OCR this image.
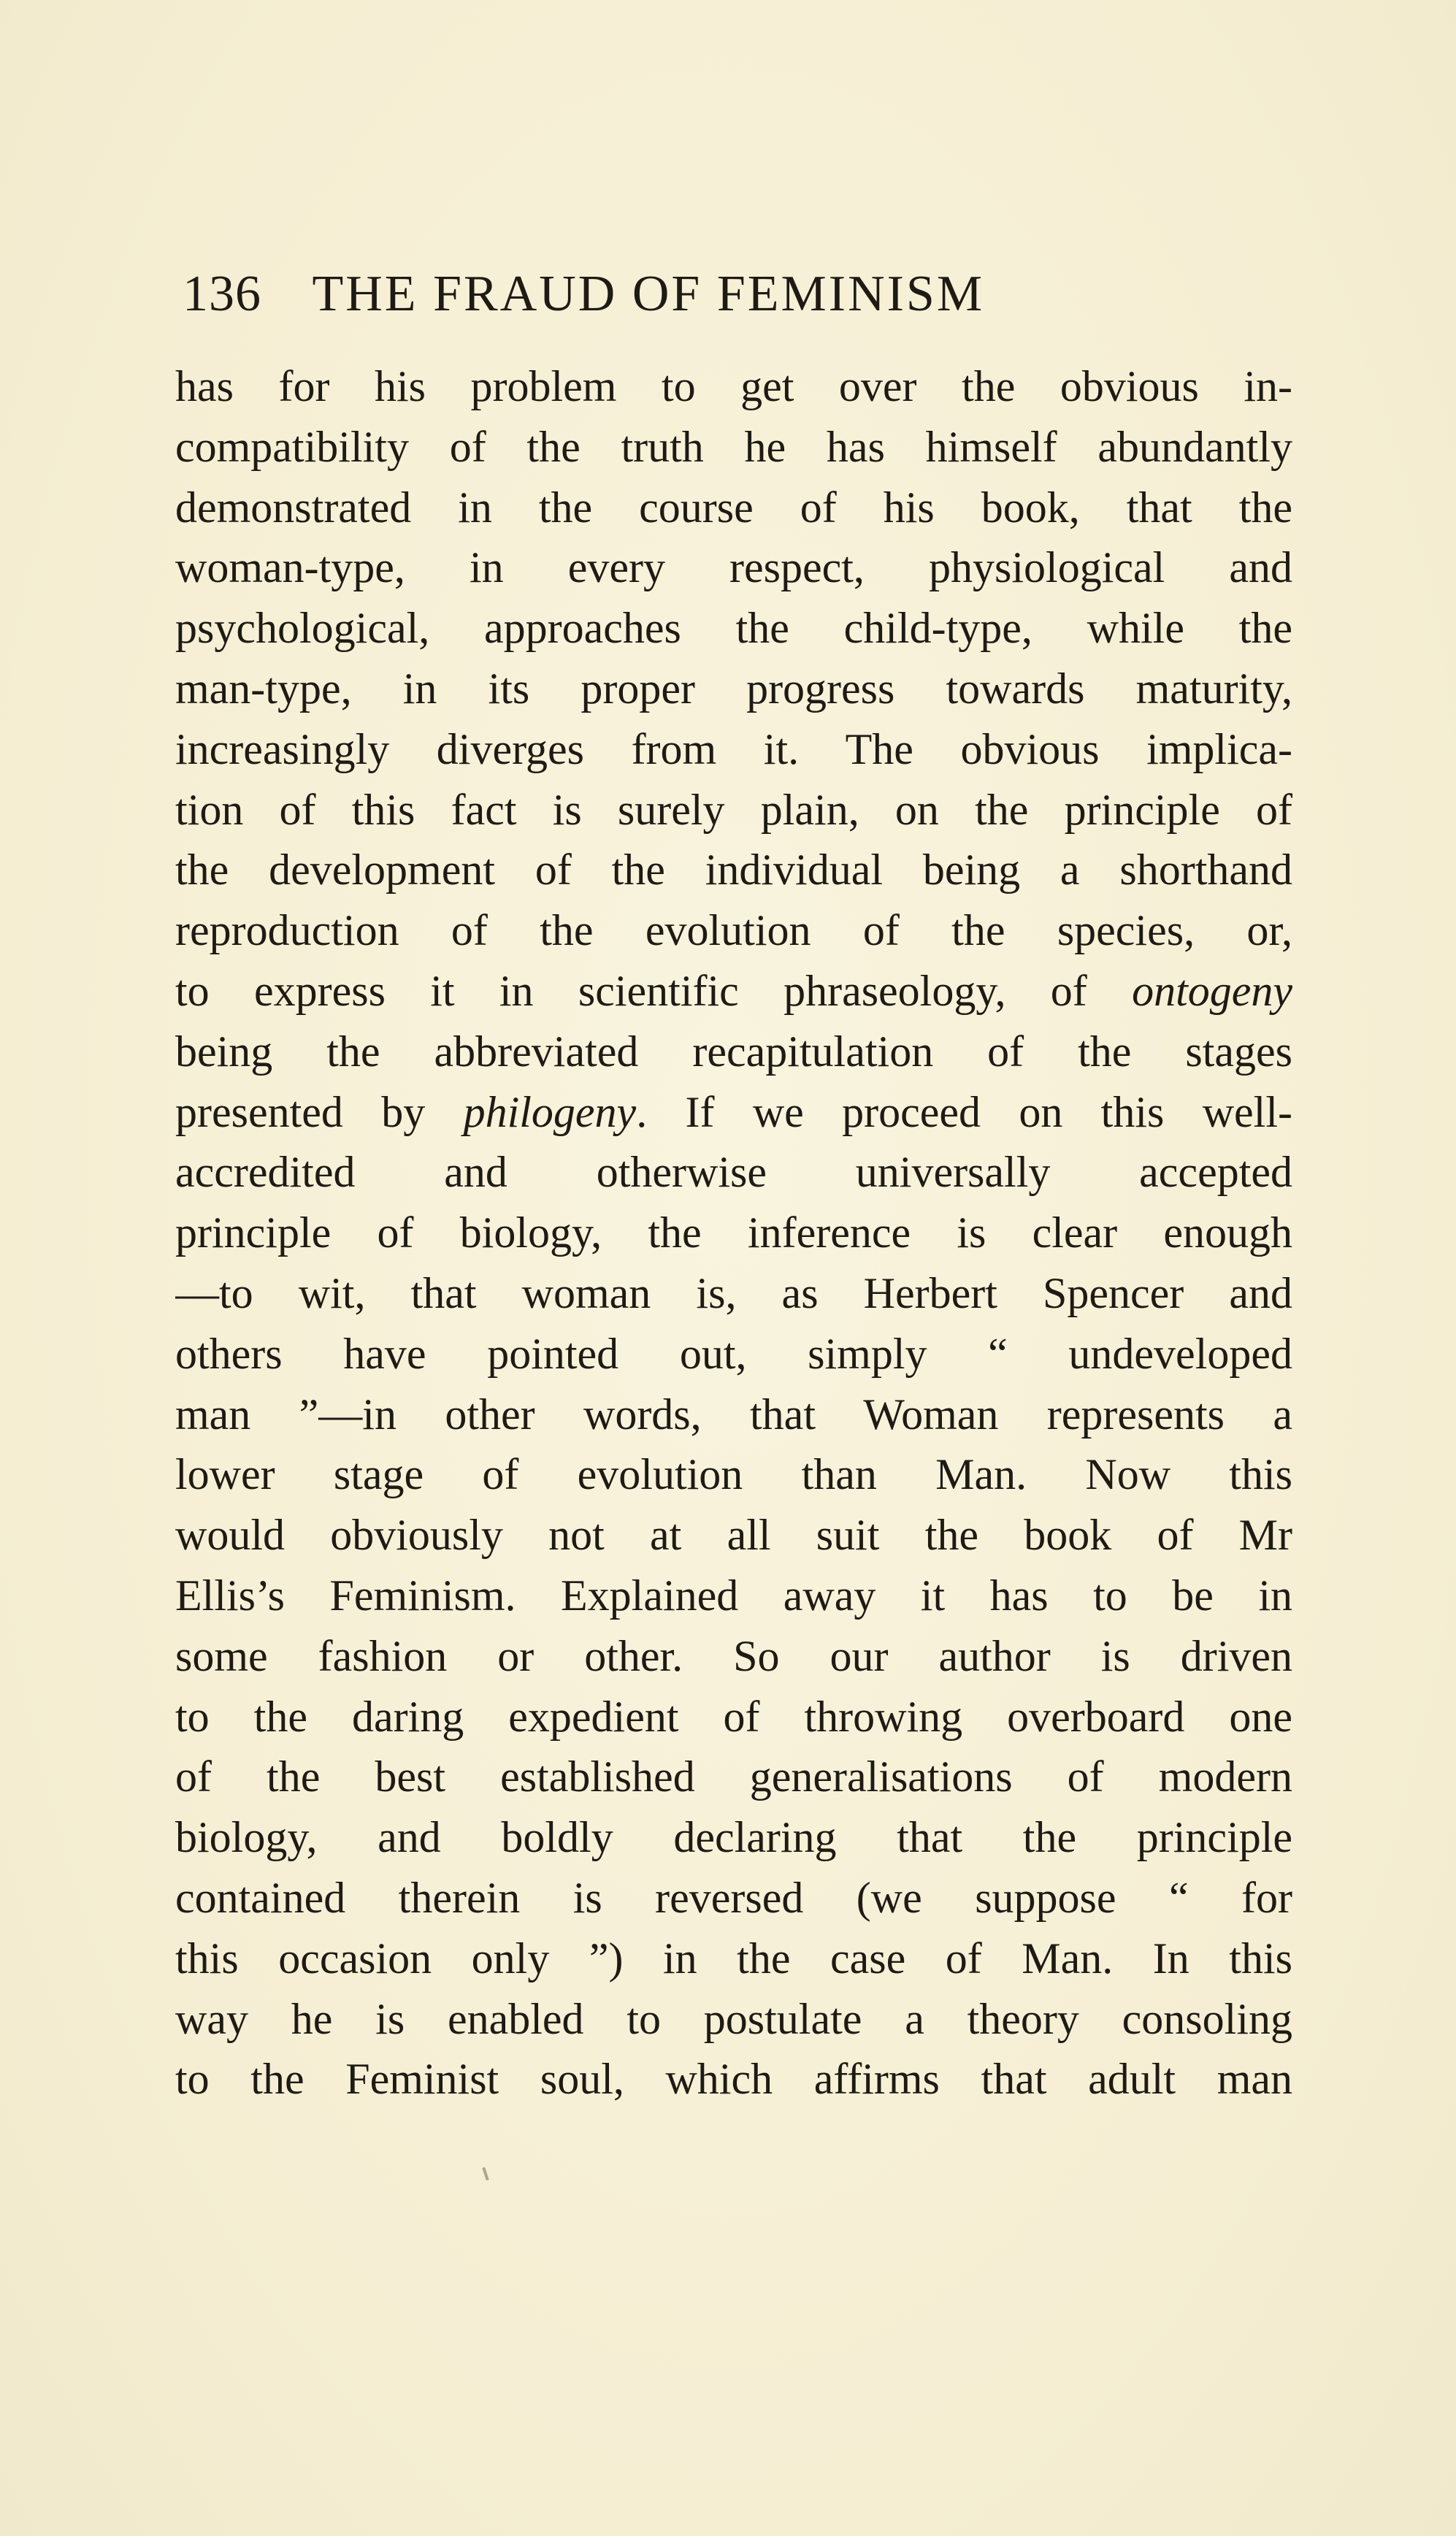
136 THE FRAUD OF FEMINISM
has for his problem to get over the obvious in-
compatibility of the truth he has himself abundantly
demonstrated in the course of his book, that the
woman-type, in every respect, physiological and
psychological, approaches the child-type, while the
man-type, in its proper progress towards maturity,
increasingly diverges from it. The obvious implica-
tion of this fact is surely plain, on the principle of
the development of the individual being a shorthand
reproduction of the evolution of the species, or,
to express it in scientific phraseology, of ontogeny
being the abbreviated recapitulation of the stages
presented by philogeny. If we proceed on this well-
accredited and otherwise universally accepted
principle of biology, the inference is clear enough
—to wit, that woman is, as Herbert Spencer and
others have pointed out, simply “ undeveloped
man ”—in other words, that Woman represents a
lower stage of evolution than Man. Now this
would obviously not at all suit the book of Mr
Ellis’s Feminism. Explained away it has to be in
some fashion or other. So our author is driven
to the daring expedient of throwing overboard one
of the best established generalisations of modern
biology, and boldly declaring that the principle
contained therein is reversed (we suppose “ for
this occasion only ”) in the case of Man. In this
way he is enabled to postulate a theory consoling
to the Feminist soul, which affirms that adult man
